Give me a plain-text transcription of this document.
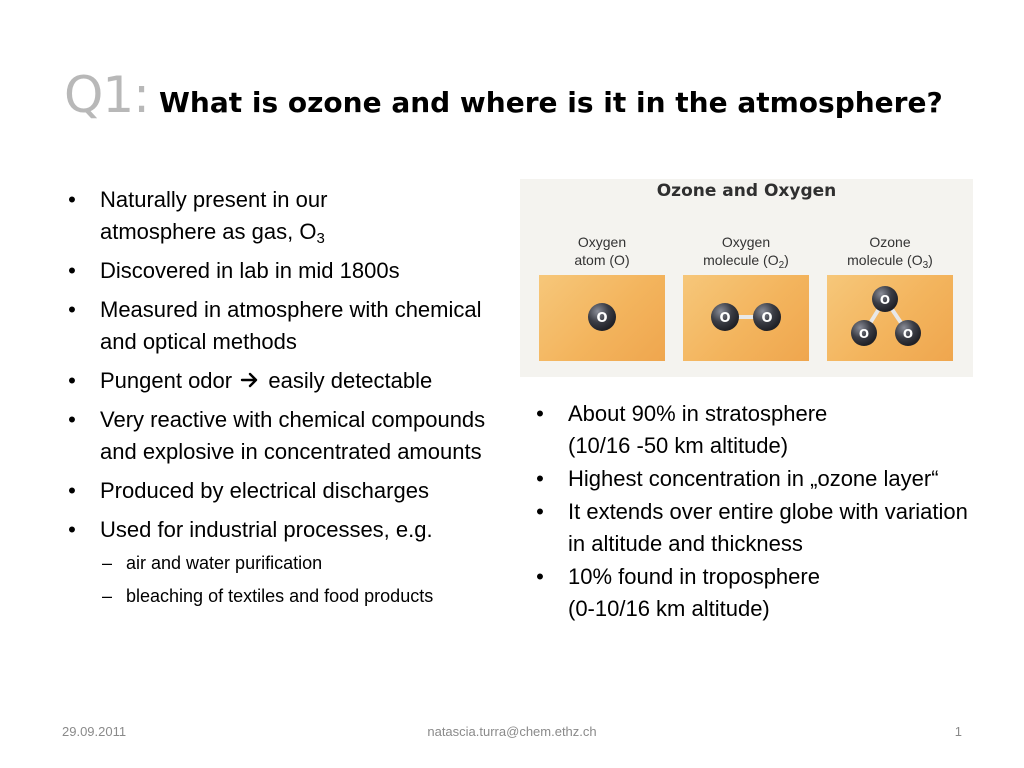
Q1: What is ozone and where is it in the atmosphere?
• Naturally present in our
atmosphere as gas, $O_3$
• Discovered in lab in mid 1800s
• Measured in atmosphere with chemical and optical methods
• Pungent odor easily detectable
• Very reactive with chemical compounds and explosive in concentrated amounts
• Produced by electrical discharges
• Used for industrial processes, e.g.
– air and water purification
– bleaching of textiles and food products
Ozone and Oxygen
Oxygen
atom (O)
O
Oxygen
molecule $(O_2)$
O O
Ozone
molecule $(O_3)$
O
O	O
• About 90% in stratosphere
(10/16 -50 km altitude)
• Highest concentration in „ozone layer“
• It extends over entire globe with variation in altitude and thickness
• 10% found in troposphere
(0-10/16 km altitude)
29.09.2011	natascia.turra@chem.ethz.ch	1
